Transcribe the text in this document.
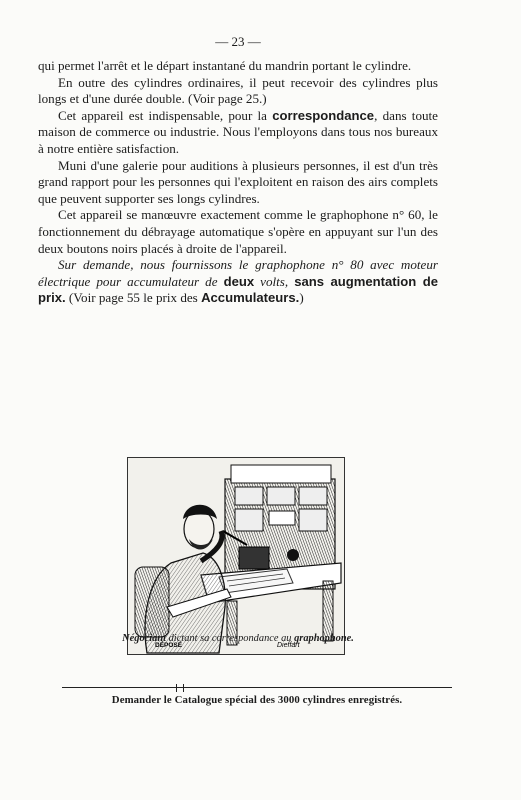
— 23 —

qui permet l'arrêt et le départ instantané du mandrin portant le cylindre.

En outre des cylindres ordinaires, il peut recevoir des cylindres plus longs et d'une durée double. (Voir page 25.)

Cet appareil est indispensable, pour la correspondance, dans toute maison de commerce ou industrie. Nous l'employons dans tous nos bureaux à notre entière satisfaction.

Muni d'une galerie pour auditions à plusieurs personnes, il est d'un très grand rapport pour les personnes qui l'exploitent en raison des airs complets que peuvent supporter ses longs cylindres.

Cet appareil se manœuvre exactement comme le graphophone n° 60, le fonctionnement du débrayage automatique s'opère en appuyant sur l'un des deux boutons noirs placés à droite de l'appareil.

Sur demande, nous fournissons le graphophone n° 80 avec moteur électrique pour accumulateur de deux volts, sans augmentation de prix. (Voir page 55 le prix des Accumulateurs.)

DÉPOSÉ	Dieffart
Négociant dictant sa correspondance au graphophone.
Demander le Catalogue spécial des 3000 cylindres enregistrés.
